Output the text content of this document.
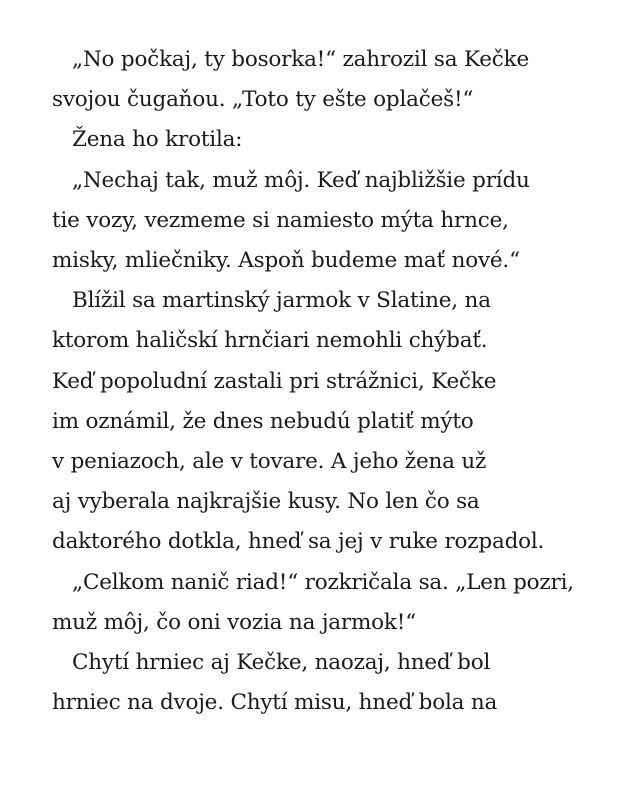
„No počkaj, ty bosorka!“ zahrozil sa Kečke
svojou čugaňou. „Toto ty ešte oplačeš!“
Žena ho krotila:
„Nechaj tak, muž môj. Keď najbližšie prídu
tie vozy, vezmeme si namiesto mýta hrnce,
misky, mliečniky. Aspoň budeme mať nové.“
Blížil sa martinský jarmok v Slatine, na
ktorom haličskí hrnčiari nemohli chýbať.
Keď popoludní zastali pri strážnici, Kečke
im oznámil, že dnes nebudú platiť mýto
v peniazoch, ale v tovare. A jeho žena už
aj vyberala najkrajšie kusy. No len čo sa
daktorého dotkla, hneď sa jej v ruke rozpadol.
„Celkom nanič riad!“ rozkričala sa. „Len pozri,
muž môj, čo oni vozia na jarmok!“
Chytí hrniec aj Kečke, naozaj, hneď bol
hrniec na dvoje. Chytí misu, hneď bola na
